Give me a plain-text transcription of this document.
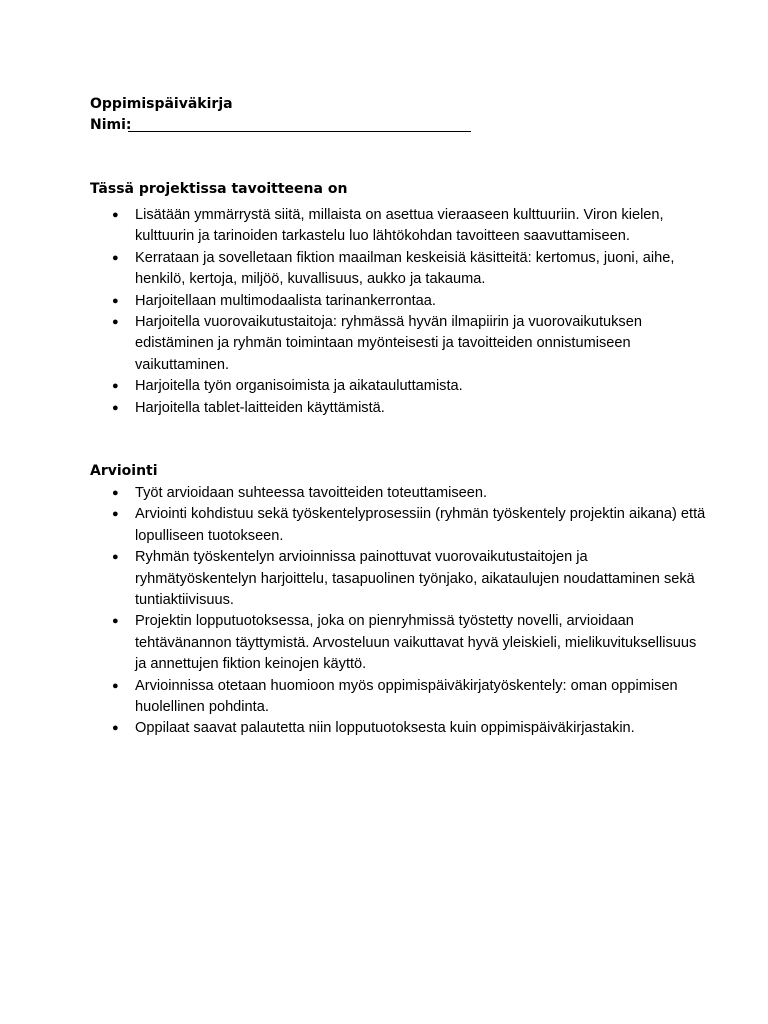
Oppimispäiväkirja
Nimi:
Tässä projektissa tavoitteena on
● Lisätään ymmärrystä siitä, millaista on asettua vieraaseen kulttuuriin. Viron kielen, kulttuurin ja tarinoiden tarkastelu luo lähtökohdan tavoitteen saavuttamiseen.
● Kerrataan ja sovelletaan fiktion maailman keskeisiä käsitteitä: kertomus, juoni, aihe, henkilö, kertoja, miljöö, kuvallisuus, aukko ja takauma.
● Harjoitellaan multimodaalista tarinankerrontaa.
● Harjoitella vuorovaikutustaitoja: ryhmässä hyvän ilmapiirin ja vuorovaikutuksen edistäminen ja ryhmän toimintaan myönteisesti ja tavoitteiden onnistumiseen vaikuttaminen.
● Harjoitella työn organisoimista ja aikatauluttamista.
● Harjoitella tablet-laitteiden käyttämistä.
Arviointi
● Työt arvioidaan suhteessa tavoitteiden toteuttamiseen.
● Arviointi kohdistuu sekä työskentelyprosessiin (ryhmän työskentely projektin aikana) että lopulliseen tuotokseen.
● Ryhmän työskentelyn arvioinnissa painottuvat vuorovaikutustaitojen ja ryhmätyöskentelyn harjoittelu, tasapuolinen työnjako, aikataulujen noudattaminen sekä tuntiaktiivisuus.
● Projektin lopputuotoksessa, joka on pienryhmissä työstetty novelli, arvioidaan tehtävänannon täyttymistä. Arvosteluun vaikuttavat hyvä yleiskieli, mielikuvituksellisuus ja annettujen fiktion keinojen käyttö.
● Arvioinnissa otetaan huomioon myös oppimispäiväkirjatyöskentely: oman oppimisen huolellinen pohdinta.
● Oppilaat saavat palautetta niin lopputuotoksesta kuin oppimispäiväkirjastakin.
